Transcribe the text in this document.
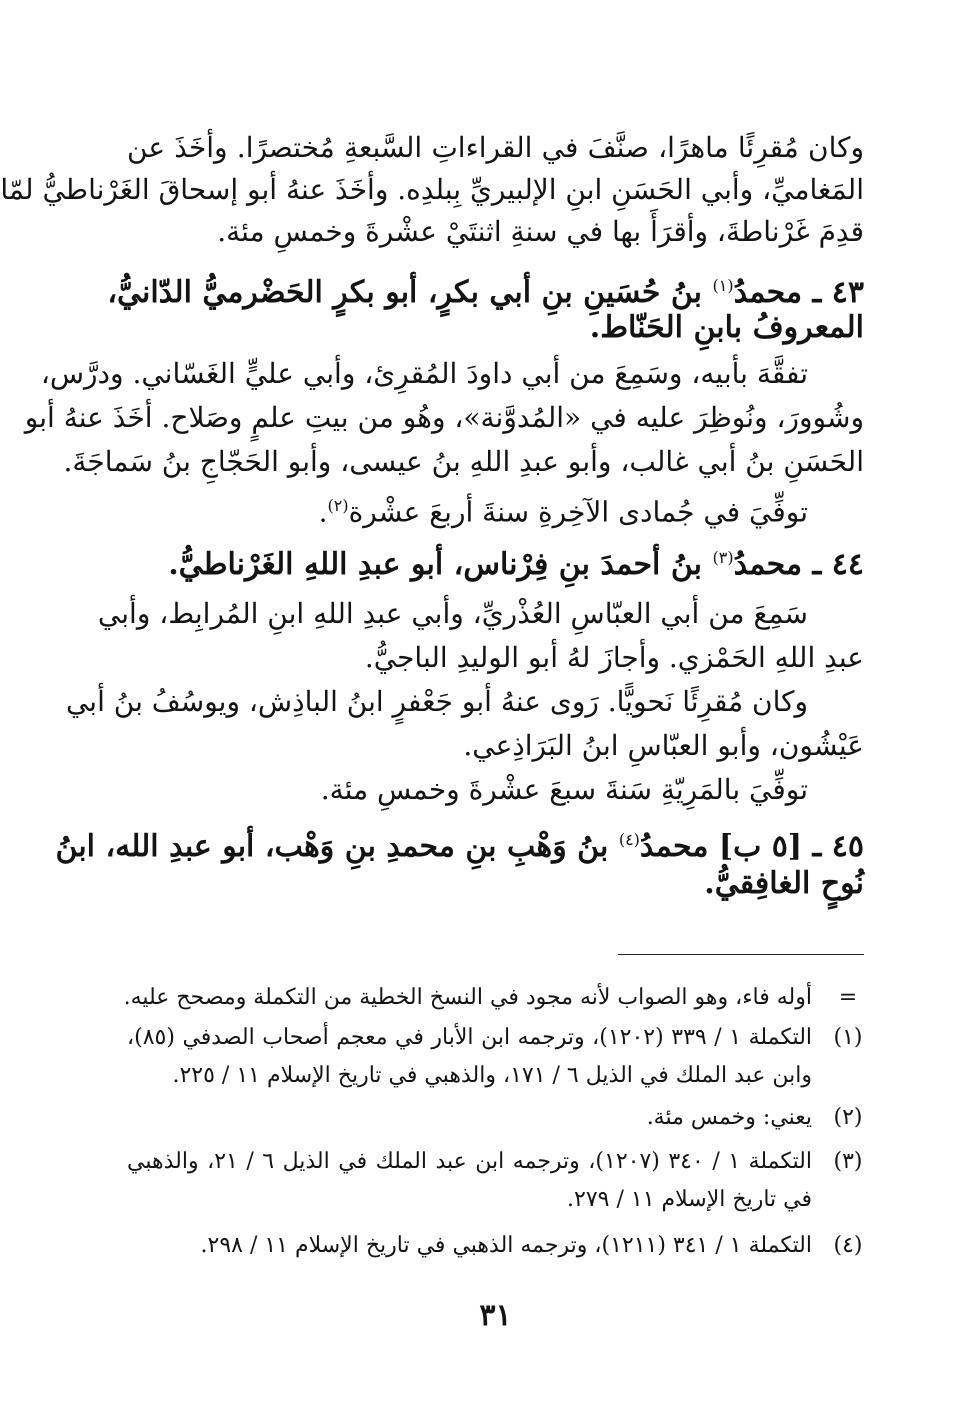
وكان مُقرِئًا ماهرًا، صنَّفَ في القراءاتِ السَّبعةِ مُختصرًا. وأخَذَ عن
المَغاميِّ، وأبي الحَسَنِ ابنِ الإلبيريِّ بِبلدِه. وأخَذَ عنهُ أبو إسحاقَ الغَرْناطيُّ لمّا
قدِمَ غَرْناطةَ، وأقرَأَ بها في سنةِ اثنتَيْ عشْرةَ وخمسِ مئة.
٤٣ ـ محمدُ$^{(١)}$ بنُ حُسَينِ بنِ أبي بكرٍ، أبو بكرٍ الحَضْرميُّ الدّانيُّ،
المعروفُ بابنِ الحَنّاط.
تفقَّهَ بأبيه، وسَمِعَ من أبي داودَ المُقرِئ، وأبي عليٍّ الغَسّاني. ودرَّس،
وشُوورَ، ونُوظِرَ عليه في «المُدوَّنة»، وهُو من بيتِ علمٍ وصَلاح. أخَذَ عنهُ أبو
الحَسَنِ بنُ أبي غالب، وأبو عبدِ اللهِ بنُ عيسى، وأبو الحَجّاجِ بنُ سَماجَةَ.
توفِّيَ في جُمادى الآخِرةِ سنةَ أربعَ عشْرة$^{(٢)}$.
٤٤ ـ محمدُ$^{(٣)}$ بنُ أحمدَ بنِ فِرْناس، أبو عبدِ اللهِ الغَرْناطيُّ.
سَمِعَ من أبي العبّاسِ العُذْريِّ، وأبي عبدِ اللهِ ابنِ المُرابِط، وأبي
عبدِ اللهِ الحَمْزي. وأجازَ لهُ أبو الوليدِ الباجيُّ.
وكان مُقرِئًا نَحويًّا. رَوى عنهُ أبو جَعْفرٍ ابنُ الباذِش، ويوسُفُ بنُ أبي
عَيْشُون، وأبو العبّاسِ ابنُ البَرَاذِعي.
توفِّيَ بالمَرِيّةِ سَنةَ سبعَ عشْرةَ وخمسِ مئة.
٤٥ ـ [٥ ب] محمدُ$^{(٤)}$ بنُ وَهْبِ بنِ محمدِ بنِ وَهْب، أبو عبدِ الله، ابنُ
نُوحٍ الغافِقيُّ.
=
أوله فاء، وهو الصواب لأنه مجود في النسخ الخطية من التكملة ومصحح عليه.
(١)
التكملة ١ / ٣٣٩ (١٢٠٢)، وترجمه ابن الأبار في معجم أصحاب الصدفي (٨٥)،
وابن عبد الملك في الذيل ٦ / ١٧١، والذهبي في تاريخ الإسلام ١١ / ٢٢٥.
(٢)
يعني: وخمس مئة.
(٣)
التكملة ١ / ٣٤٠ (١٢٠٧)، وترجمه ابن عبد الملك في الذيل ٦ / ٢١، والذهبي
في تاريخ الإسلام ١١ / ٢٧٩.
(٤)
التكملة ١ / ٣٤١ (١٢١١)، وترجمه الذهبي في تاريخ الإسلام ١١ / ٢٩٨.
٣١
